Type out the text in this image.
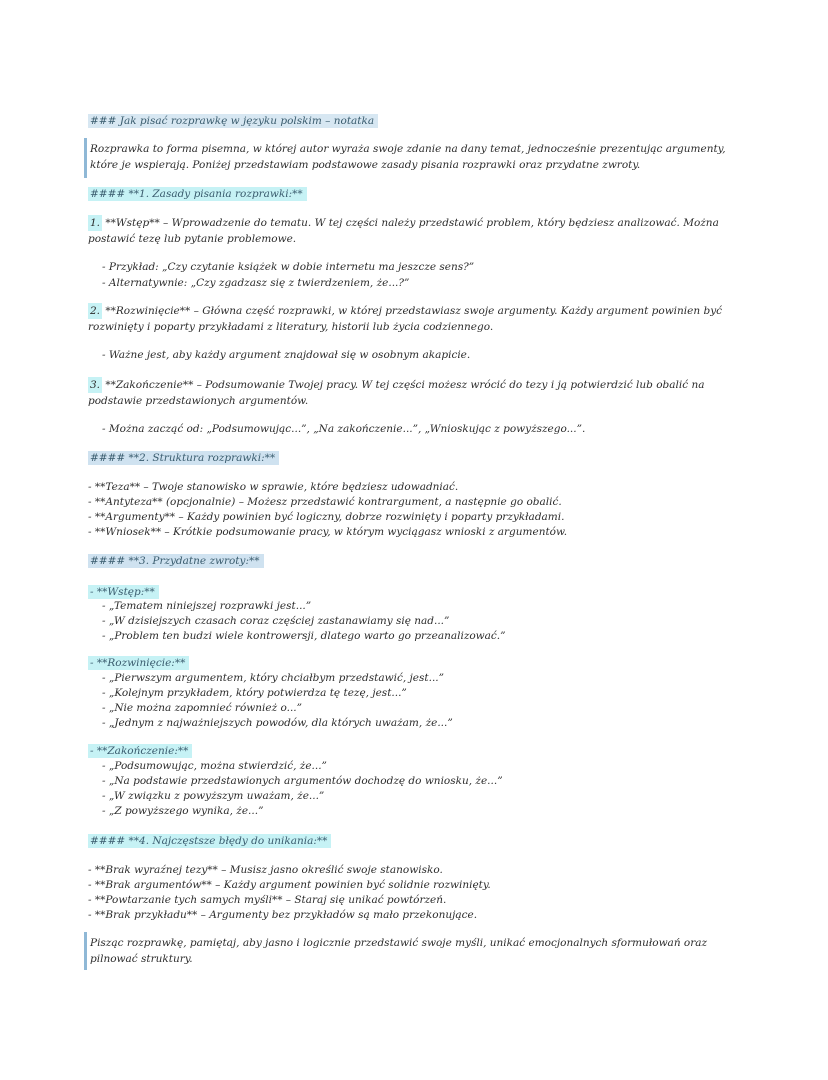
### Jak pisać rozprawkę w języku polskim – notatka
Rozprawka to forma pisemna, w której autor wyraża swoje zdanie na dany temat, jednocześnie prezentując argumenty, które je wspierają. Poniżej przedstawiam podstawowe zasady pisania rozprawki oraz przydatne zwroty.
#### **1. Zasady pisania rozprawki:**
1. **Wstęp** – Wprowadzenie do tematu. W tej części należy przedstawić problem, który będziesz analizować. Można postawić tezę lub pytanie problemowe.
- Przykład: „Czy czytanie książek w dobie internetu ma jeszcze sens?”
- Alternatywnie: „Czy zgadzasz się z twierdzeniem, że...?”
2. **Rozwinięcie** – Główna część rozprawki, w której przedstawiasz swoje argumenty. Każdy argument powinien być rozwinięty i poparty przykładami z literatury, historii lub życia codziennego.
- Ważne jest, aby każdy argument znajdował się w osobnym akapicie.
3. **Zakończenie** – Podsumowanie Twojej pracy. W tej części możesz wrócić do tezy i ją potwierdzić lub obalić na podstawie przedstawionych argumentów.
- Można zacząć od: „Podsumowując...”, „Na zakończenie...”, „Wnioskując z powyższego...”.
#### **2. Struktura rozprawki:**
- **Teza** – Twoje stanowisko w sprawie, które będziesz udowadniać.
- **Antyteza** (opcjonalnie) – Możesz przedstawić kontrargument, a następnie go obalić.
- **Argumenty** – Każdy powinien być logiczny, dobrze rozwinięty i poparty przykładami.
- **Wniosek** – Krótkie podsumowanie pracy, w którym wyciągasz wnioski z argumentów.
#### **3. Przydatne zwroty:**
- **Wstęp:**
- „Tematem niniejszej rozprawki jest...”
- „W dzisiejszych czasach coraz częściej zastanawiamy się nad...”
- „Problem ten budzi wiele kontrowersji, dlatego warto go przeanalizować.”
- **Rozwinięcie:**
- „Pierwszym argumentem, który chciałbym przedstawić, jest...”
- „Kolejnym przykładem, który potwierdza tę tezę, jest...”
- „Nie można zapomnieć również o...”
- „Jednym z najważniejszych powodów, dla których uważam, że...”
- **Zakończenie:**
- „Podsumowując, można stwierdzić, że...”
- „Na podstawie przedstawionych argumentów dochodzę do wniosku, że...”
- „W związku z powyższym uważam, że...”
- „Z powyższego wynika, że...”
#### **4. Najczęstsze błędy do unikania:**
- **Brak wyraźnej tezy** – Musisz jasno określić swoje stanowisko.
- **Brak argumentów** – Każdy argument powinien być solidnie rozwinięty.
- **Powtarzanie tych samych myśli** – Staraj się unikać powtórzeń.
- **Brak przykładu** – Argumenty bez przykładów są mało przekonujące.
Pisząc rozprawkę, pamiętaj, aby jasno i logicznie przedstawić swoje myśli, unikać emocjonalnych sformułowań oraz pilnować struktury.
